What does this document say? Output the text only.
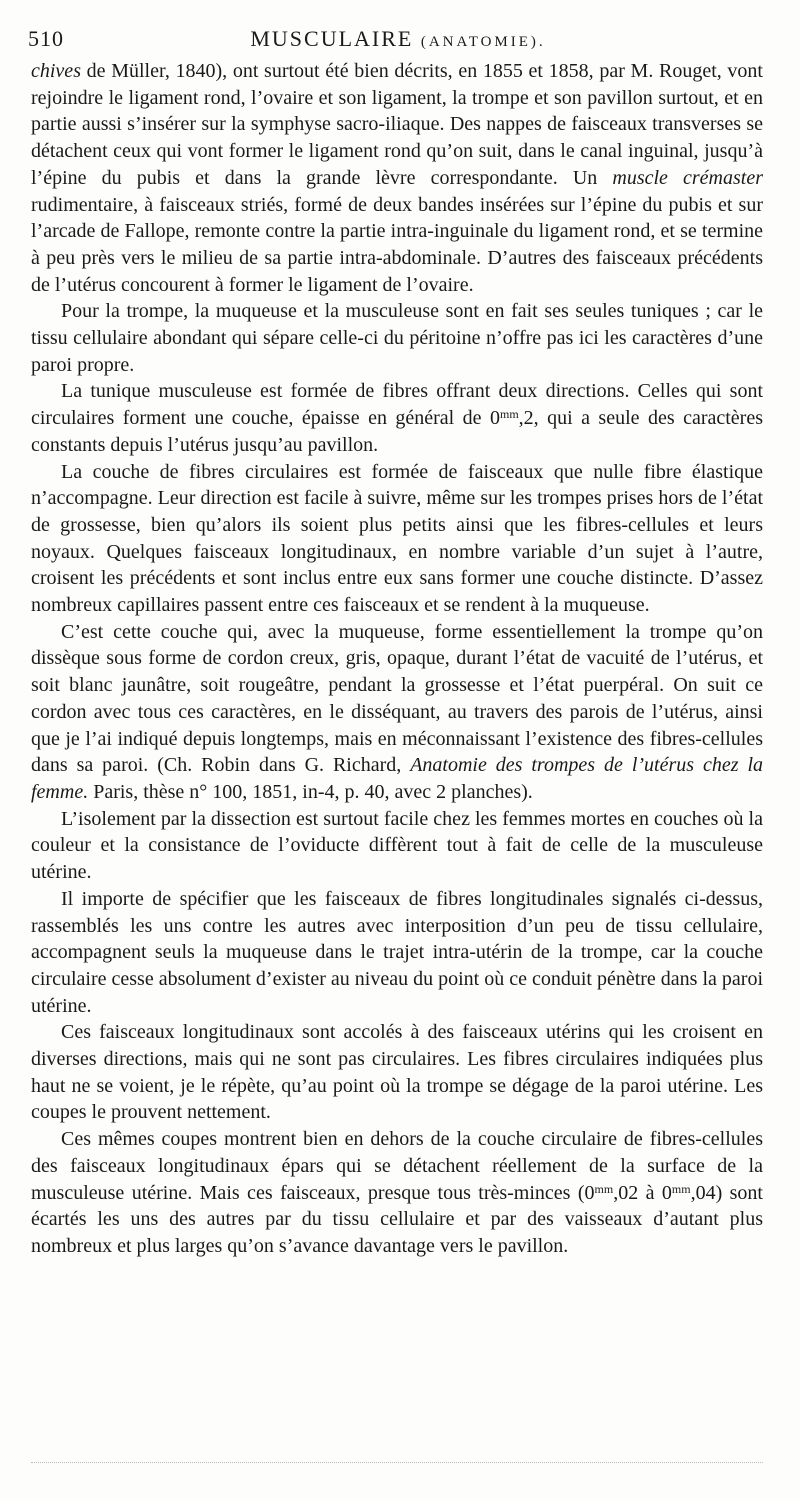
510	MUSCULAIRE (ANATOMIE).

chives de Müller, 1840), ont surtout été bien décrits, en 1855 et 1858, par M. Rouget, vont rejoindre le ligament rond, l’ovaire et son ligament, la trompe et son pavillon surtout, et en partie aussi s’insérer sur la symphyse sacro-iliaque. Des nappes de faisceaux transverses se détachent ceux qui vont former le ligament rond qu’on suit, dans le canal inguinal, jusqu’à l’épine du pubis et dans la grande lèvre correspondante. Un muscle crémaster rudimentaire, à faisceaux striés, formé de deux bandes insérées sur l’épine du pubis et sur l’arcade de Fallope, remonte contre la partie intra-inguinale du ligament rond, et se termine à peu près vers le milieu de sa partie intra-abdominale. D’autres des faisceaux précédents de l’utérus concourent à former le ligament de l’ovaire.

Pour la trompe, la muqueuse et la musculeuse sont en fait ses seules tuniques ; car le tissu cellulaire abondant qui sépare celle-ci du péritoine n’offre pas ici les caractères d’une paroi propre.

La tunique musculeuse est formée de fibres offrant deux directions. Celles qui sont circulaires forment une couche, épaisse en général de $0^{mm},2$, qui a seule des caractères constants depuis l’utérus jusqu’au pavillon.

La couche de fibres circulaires est formée de faisceaux que nulle fibre élastique n’accompagne. Leur direction est facile à suivre, même sur les trompes prises hors de l’état de grossesse, bien qu’alors ils soient plus petits ainsi que les fibres-cellules et leurs noyaux. Quelques faisceaux longitudinaux, en nombre variable d’un sujet à l’autre, croisent les précédents et sont inclus entre eux sans former une couche distincte. D’assez nombreux capillaires passent entre ces faisceaux et se rendent à la muqueuse.

C’est cette couche qui, avec la muqueuse, forme essentiellement la trompe qu’on dissèque sous forme de cordon creux, gris, opaque, durant l’état de vacuité de l’utérus, et soit blanc jaunâtre, soit rougeâtre, pendant la grossesse et l’état puerpéral. On suit ce cordon avec tous ces caractères, en le disséquant, au travers des parois de l’utérus, ainsi que je l’ai indiqué depuis longtemps, mais en méconnaissant l’existence des fibres-cellules dans sa paroi. (Ch. Robin dans G. Richard, Anatomie des trompes de l’utérus chez la femme. Paris, thèse n° 100, 1851, in-4, p. 40, avec 2 planches).

L’isolement par la dissection est surtout facile chez les femmes mortes en couches où la couleur et la consistance de l’oviducte diffèrent tout à fait de celle de la musculeuse utérine.

Il importe de spécifier que les faisceaux de fibres longitudinales signalés ci-dessus, rassemblés les uns contre les autres avec interposition d’un peu de tissu cellulaire, accompagnent seuls la muqueuse dans le trajet intra-utérin de la trompe, car la couche circulaire cesse absolument d’exister au niveau du point où ce conduit pénètre dans la paroi utérine.

Ces faisceaux longitudinaux sont accolés à des faisceaux utérins qui les croisent en diverses directions, mais qui ne sont pas circulaires. Les fibres circulaires indiquées plus haut ne se voient, je le répète, qu’au point où la trompe se dégage de la paroi utérine. Les coupes le prouvent nettement.

Ces mêmes coupes montrent bien en dehors de la couche circulaire de fibres-cellules des faisceaux longitudinaux épars qui se détachent réellement de la surface de la musculeuse utérine. Mais ces faisceaux, presque tous très-minces ($0^{mm},02$ à $0^{mm},04$) sont écartés les uns des autres par du tissu cellulaire et par des vaisseaux d’autant plus nombreux et plus larges qu’on s’avance davantage vers le pavillon.
